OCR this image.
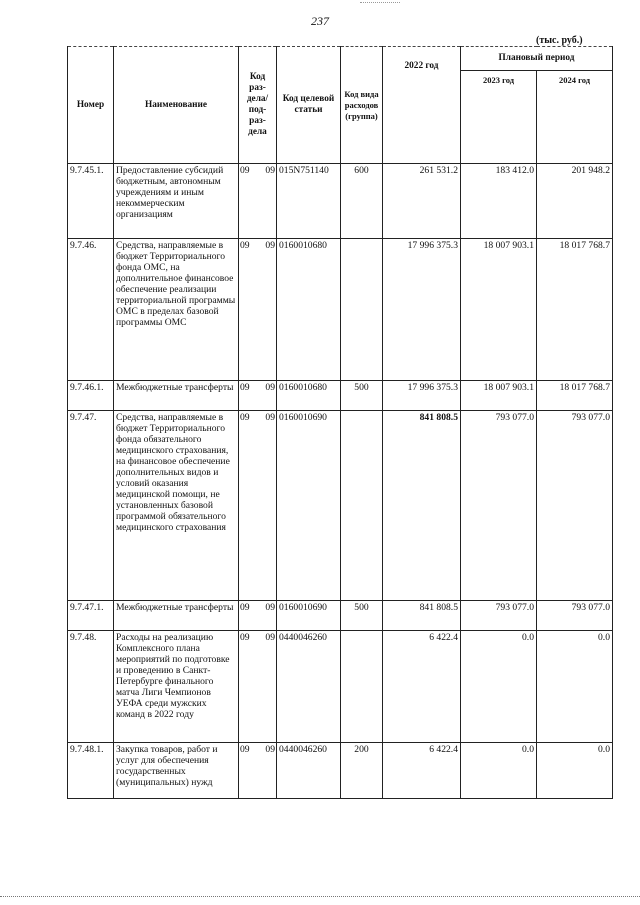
237
(тыс. руб.)
Номер	Наименование	Код раз- дела/ под- раз- дела	Код целевой статьи	Код вида расходов (группа)	2022 год	Плановый период	
						2023 год	2024 год
9.7.45.1.	Предоставление субсидий бюджетным, автономным учреждениям и иным некоммерческим организациям	09 09	015N751140	600	261 531.2	183 412.0	201 948.2
9.7.46.	Средства, направляемые в бюджет Территориального фонда ОМС, на дополнительное финансовое обеспечение реализации территориальной программы ОМС в пределах базовой программы ОМС	09 09	0160010680		17 996 375.3	18 007 903.1	18 017 768.7
9.7.46.1.	Межбюджетные трансферты	09 09	0160010680	500	17 996 375.3	18 007 903.1	18 017 768.7
9.7.47.	Средства, направляемые в бюджет Территориального фонда обязательного медицинского страхования, на финансовое обеспечение дополнительных видов и условий оказания медицинской помощи, не установленных базовой программой обязательного медицинского страхования	09 09	0160010690		841 808.5	793 077.0	793 077.0
9.7.47.1.	Межбюджетные трансферты	09 09	0160010690	500	841 808.5	793 077.0	793 077.0
9.7.48.	Расходы на реализацию Комплексного плана мероприятий по подготовке и проведению в Санкт-Петербурге финального матча Лиги Чемпионов УЕФА среди мужских команд в 2022 году	09 09	0440046260		6 422.4	0.0	0.0
9.7.48.1.	Закупка товаров, работ и услуг для обеспечения государственных (муниципальных) нужд	09 09	0440046260	200	6 422.4	0.0	0.0
